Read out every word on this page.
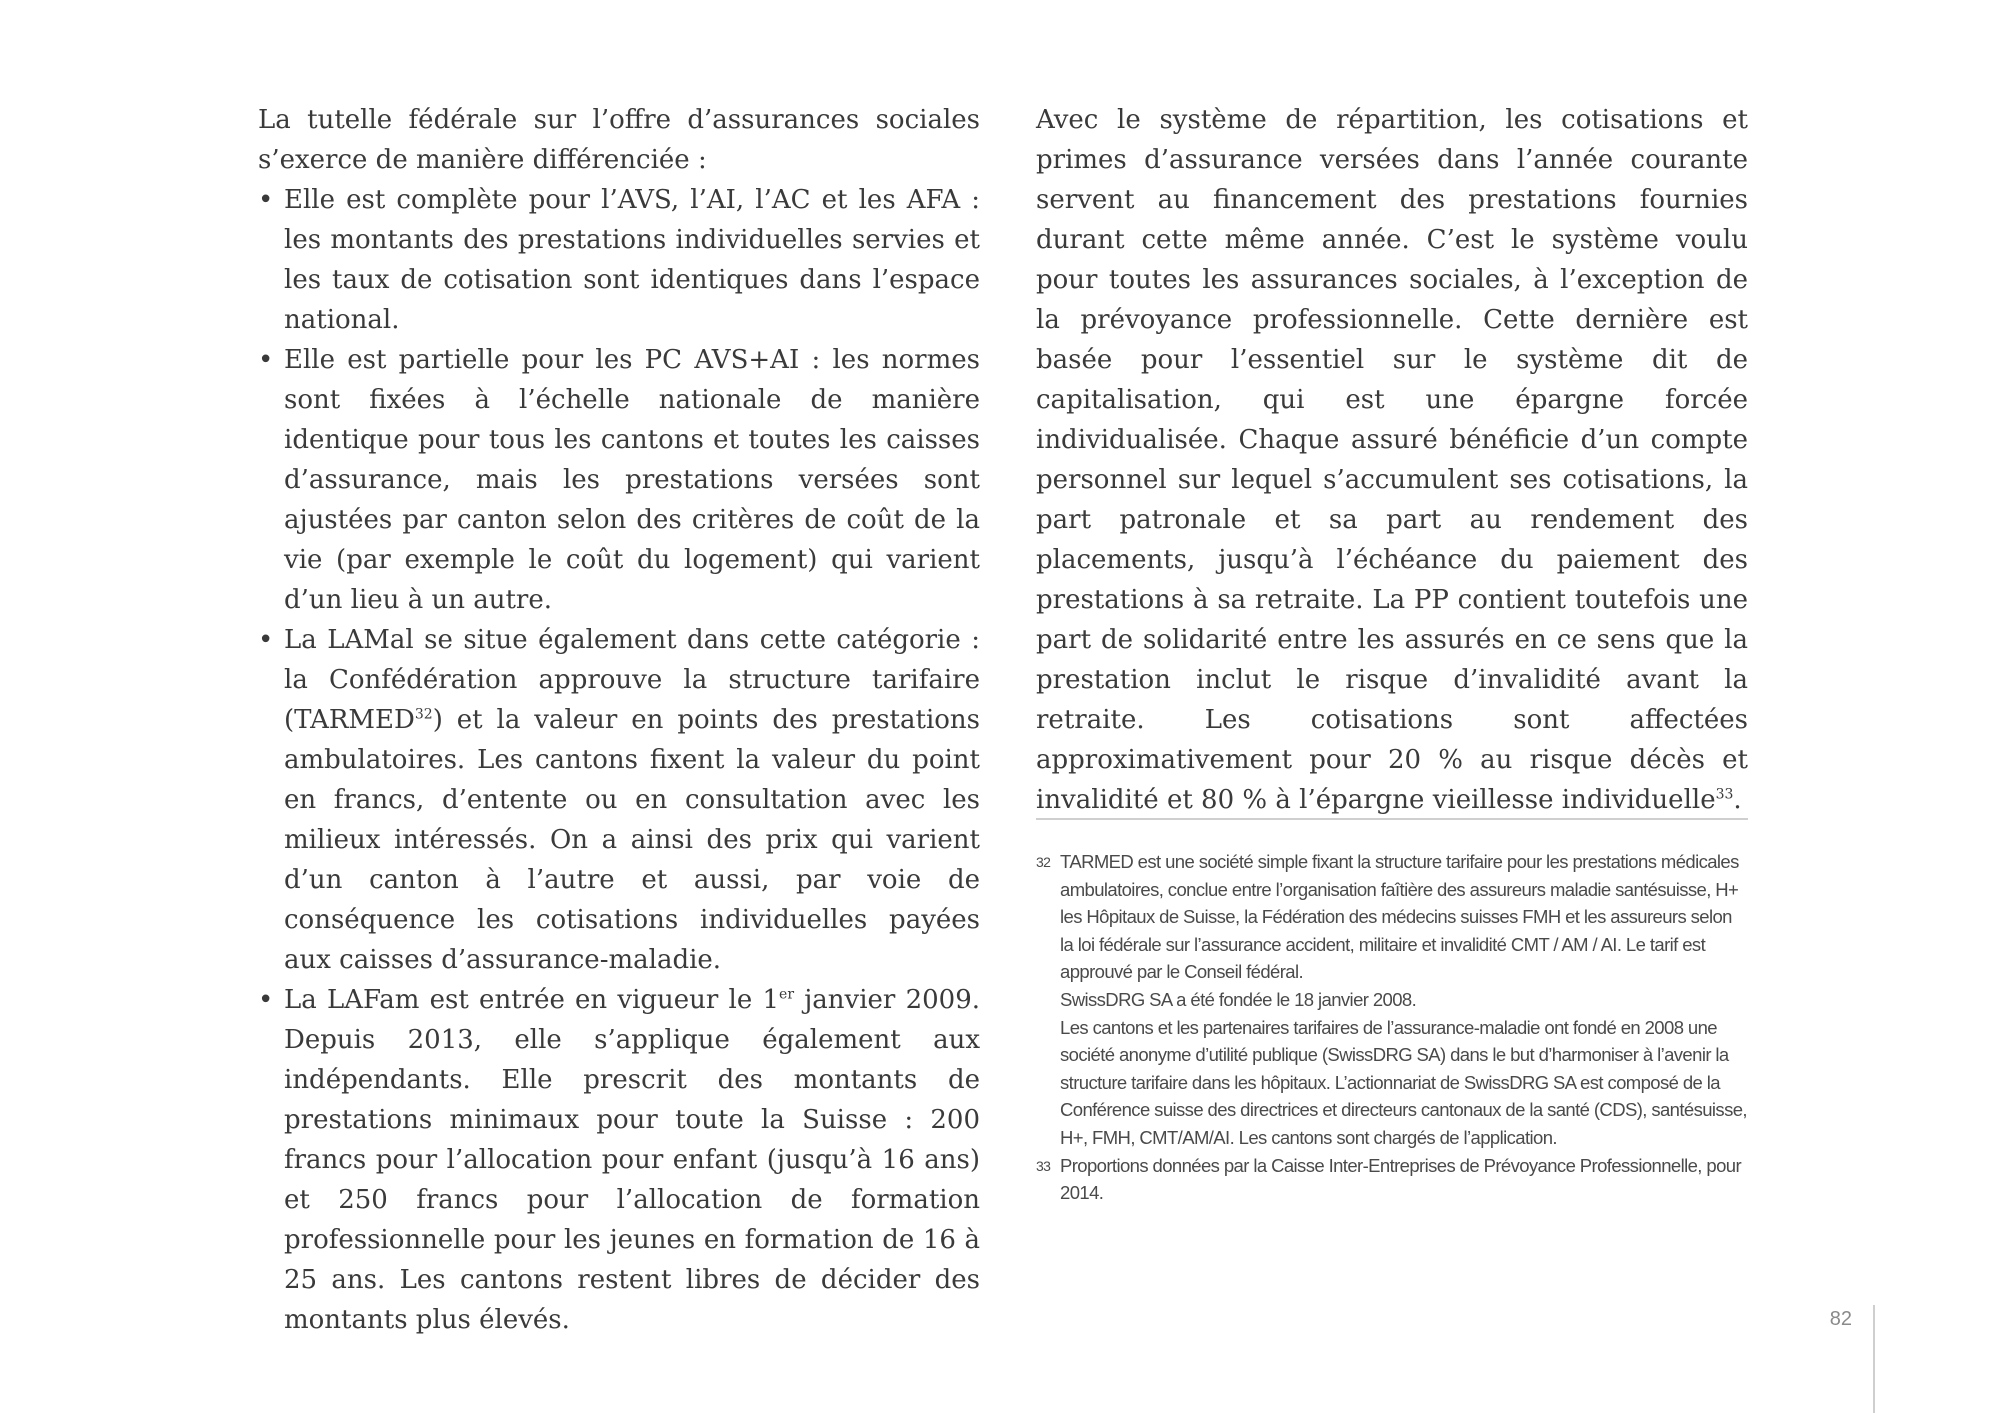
La tutelle fédérale sur l’offre d’assurances sociales s’exerce de manière différenciée :

• Elle est complète pour l’AVS, l’AI, l’AC et les AFA : les montants des prestations individuelles servies et les taux de cotisation sont identiques dans l’espace national.
• Elle est partielle pour les PC AVS+AI : les normes sont fixées à l’échelle nationale de manière identique pour tous les cantons et toutes les caisses d’assurance, mais les prestations versées sont ajustées par canton selon des critères de coût de la vie (par exemple le coût du logement) qui varient d’un lieu à un autre.
• La LAMal se situe également dans cette catégorie : la Confédération approuve la structure tarifaire (TARMED$^{32}$) et la valeur en points des prestations ambulatoires. Les cantons fixent la valeur du point en francs, d’entente ou en consultation avec les milieux intéressés. On a ainsi des prix qui varient d’un canton à l’autre et aussi, par voie de conséquence les cotisations individuelles payées aux caisses d’assurance-maladie.
• La LAFam est entrée en vigueur le 1er janvier 2009. Depuis 2013, elle s’applique également aux indépendants. Elle prescrit des montants de prestations minimaux pour toute la Suisse : 200 francs pour l’allocation pour enfant (jusqu’à 16 ans) et 250 francs pour l’allocation de formation professionnelle pour les jeunes en formation de 16 à 25 ans. Les cantons restent libres de décider des montants plus élevés.

Avec le système de répartition, les cotisations et primes d’assurance versées dans l’année courante servent au financement des prestations fournies durant cette même année. C’est le système voulu pour toutes les assurances sociales, à l’exception de la prévoyance professionnelle. Cette dernière est basée pour l’essentiel sur le système dit de capitalisation, qui est une épargne forcée individualisée. Chaque assuré bénéficie d’un compte personnel sur lequel s’accumulent ses cotisations, la part patronale et sa part au rendement des placements, jusqu’à l’échéance du paiement des prestations à sa retraite. La PP contient toutefois une part de solidarité entre les assurés en ce sens que la prestation inclut le risque d’invalidité avant la retraite. Les cotisations sont affectées approximativement pour 20 % au risque décès et invalidité et 80 % à l’épargne vieillesse individuelle$^{33}$.

32 TARMED est une société simple fixant la structure tarifaire pour les prestations médicales ambulatoires, conclue entre l’organisation faîtière des assureurs maladie santésuisse, H+ les Hôpitaux de Suisse, la Fédération des médecins suisses FMH et les assureurs selon la loi fédérale sur l’assurance accident, militaire et invalidité CMT / AM / AI. Le tarif est approuvé par le Conseil fédéral.
SwissDRG SA a été fondée le 18 janvier 2008.
Les cantons et les partenaires tarifaires de l’assurance-maladie ont fondé en 2008 une société anonyme d’utilité publique (SwissDRG SA) dans le but d’harmoniser à l’avenir la structure tarifaire dans les hôpitaux. L’actionnariat de SwissDRG SA est composé de la Conférence suisse des directrices et directeurs cantonaux de la santé (CDS), santésuisse, H+, FMH, CMT/AM/AI. Les cantons sont chargés de l’application.
33 Proportions données par la Caisse Inter-Entreprises de Prévoyance Professionnelle, pour 2014.
82
